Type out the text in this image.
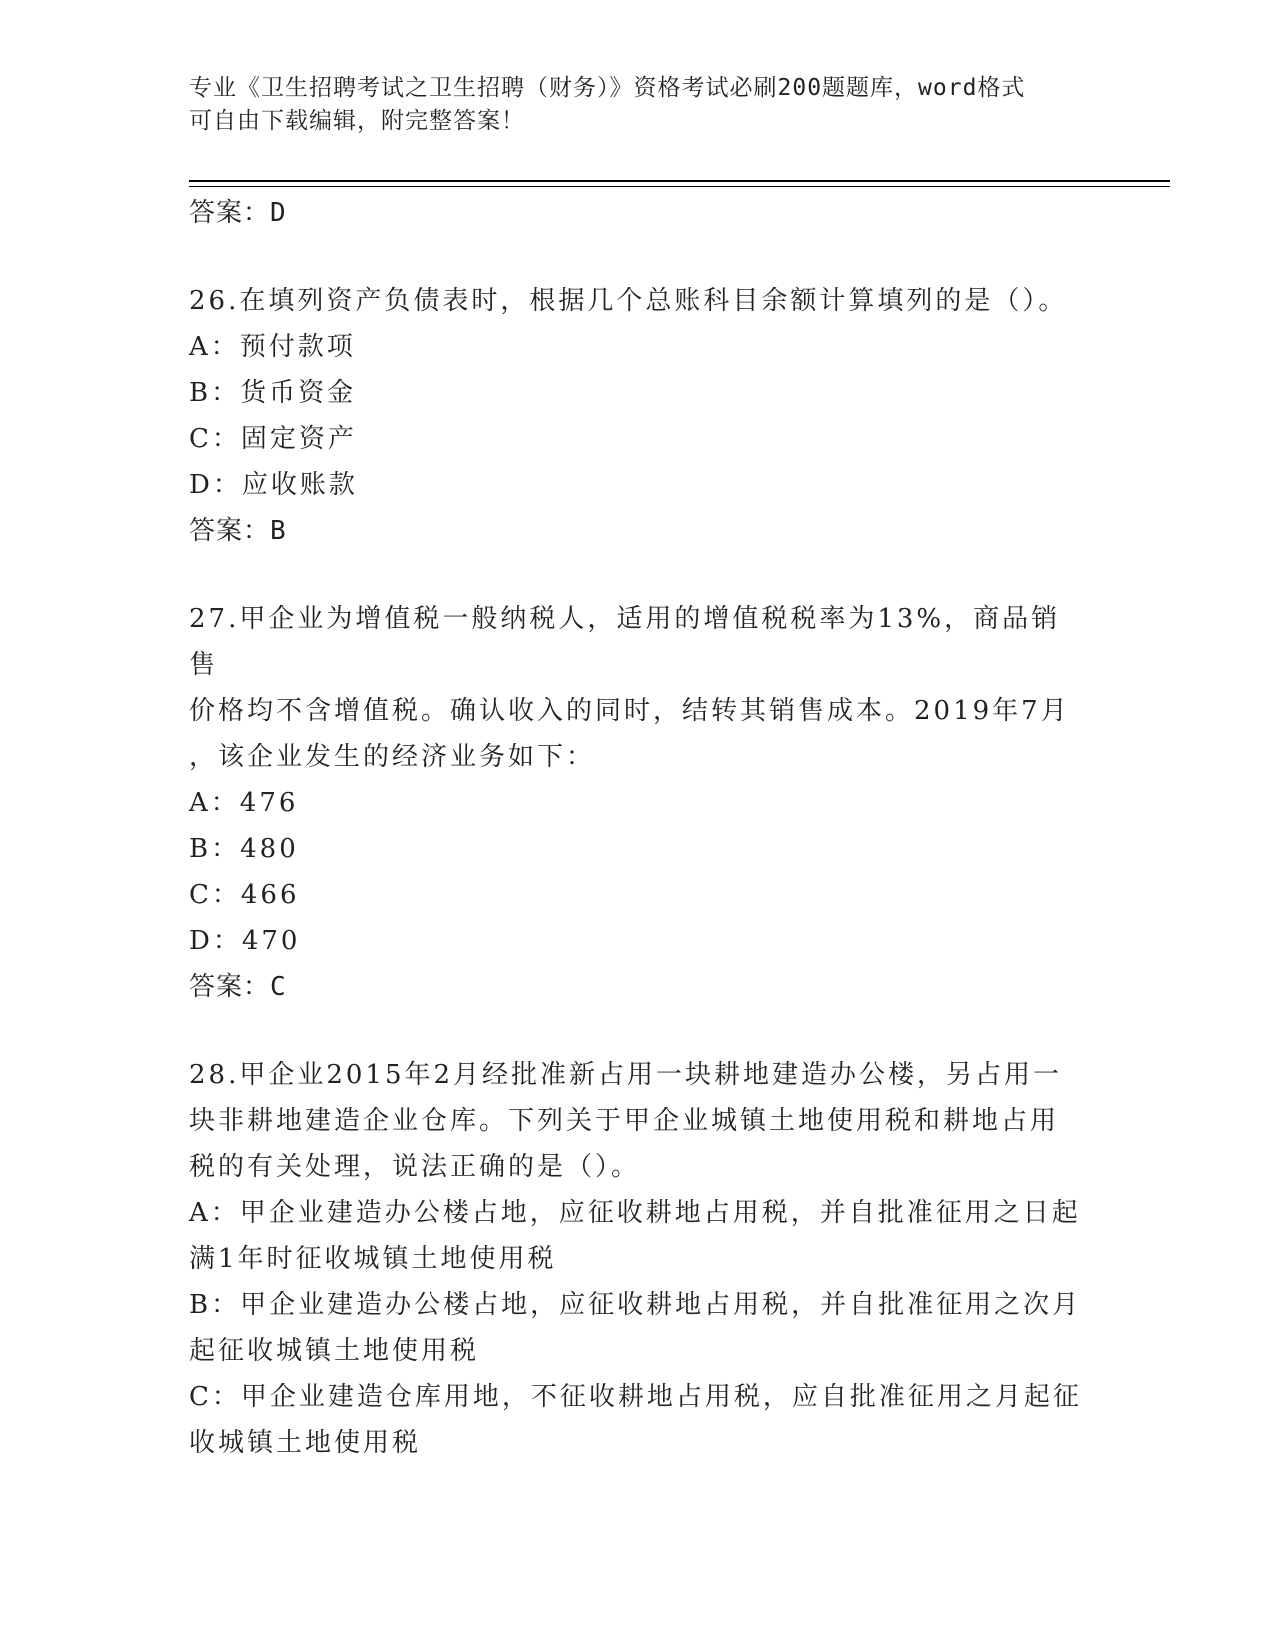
专业《卫生招聘考试之卫生招聘（财务）》资格考试必刷200题题库，word格式
可自由下载编辑，附完整答案！

答案：D

26.在填列资产负债表时，根据几个总账科目余额计算填列的是（）。

A：预付款项

B：货币资金

C：固定资产

D：应收账款

答案：B

27.甲企业为增值税一般纳税人，适用的增值税税率为13%，商品销售

价格均不含增值税。确认收入的同时，结转其销售成本。2019年7月

，该企业发生的经济业务如下：

A：476

B：480

C：466

D：470

答案：C

28.甲企业2015年2月经批准新占用一块耕地建造办公楼，另占用一

块非耕地建造企业仓库。下列关于甲企业城镇土地使用税和耕地占用

税的有关处理，说法正确的是（）。

A：甲企业建造办公楼占地，应征收耕地占用税，并自批准征用之日起

满1年时征收城镇土地使用税

B：甲企业建造办公楼占地，应征收耕地占用税，并自批准征用之次月

起征收城镇土地使用税

C：甲企业建造仓库用地，不征收耕地占用税，应自批准征用之月起征

收城镇土地使用税
